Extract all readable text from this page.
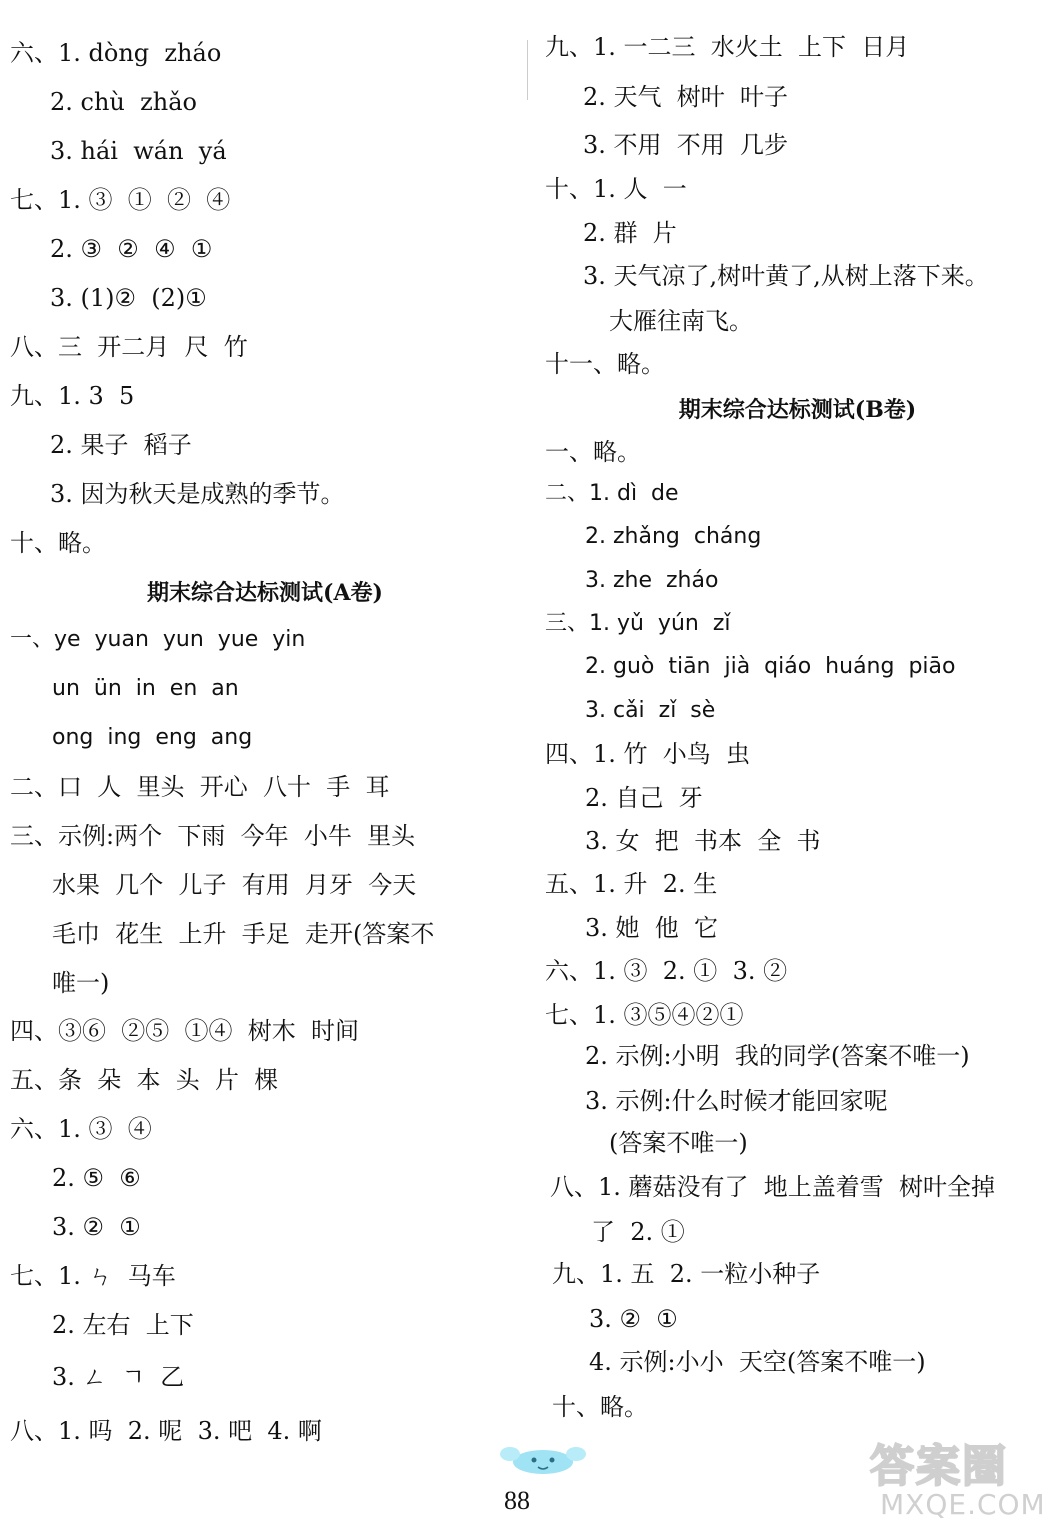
六、1. dòng  zháo
2. chù  zhǎo
3. hái  wán  yá
七、1. ③  ①  ②  ④
2. ③  ②  ④  ①
3. (1)②  (2)①
八、三  开二月  尺  竹
九、1. 3  5
2. 果子  稻子
3. 因为秋天是成熟的季节。
十、略。
期末综合达标测试(A卷)
一、ye  yuan  yun  yue  yin
un  ün  in  en  an
ong  ing  eng  ang
二、口  人  里头  开心  八十  手  耳
三、示例:两个  下雨  今年  小牛  里头
水果  几个  儿子  有用  月牙  今天
毛巾  花生  上升  手足  走开(答案不
唯一)
四、③⑥  ②⑤  ①④  树木  时间
五、条  朵  本  头  片  棵
六、1. ③  ④
2. ⑤  ⑥
3. ②  ①
七、1. ㄣ  马车
2. 左右  上下
3. ㄥ  ㄱ  乙
八、1. 吗  2. 呢  3. 吧  4. 啊
九、1. 一二三  水火土  上下  日月
2. 天气  树叶  叶子
3. 不用  不用  几步
十、1. 人  一
2. 群  片
3. 天气凉了,树叶黄了,从树上落下来。
大雁往南飞。
十一、略。
期末综合达标测试(B卷)
一、略。
二、1. dì  de
2. zhǎng  cháng
3. zhe  zháo
三、1. yǔ  yún  zǐ
2. guò  tiān  jià  qiáo  huáng  piāo
3. cǎi  zǐ  sè
四、1. 竹  小鸟  虫
2. 自己  牙
3. 女  把  书本  全  书
五、1. 升  2. 生
3. 她  他  它
六、1. ③  2. ①  3. ②
七、1. ③⑤④②①
2. 示例:小明  我的同学(答案不唯一)
3. 示例:什么时候才能回家呢
(答案不唯一)
八、1. 蘑菇没有了  地上盖着雪  树叶全掉
了  2. ①
九、1. 五  2. 一粒小种子
3. ②  ①
4. 示例:小小  天空(答案不唯一)
十、略。
88
答案圈
MXQE.COM
